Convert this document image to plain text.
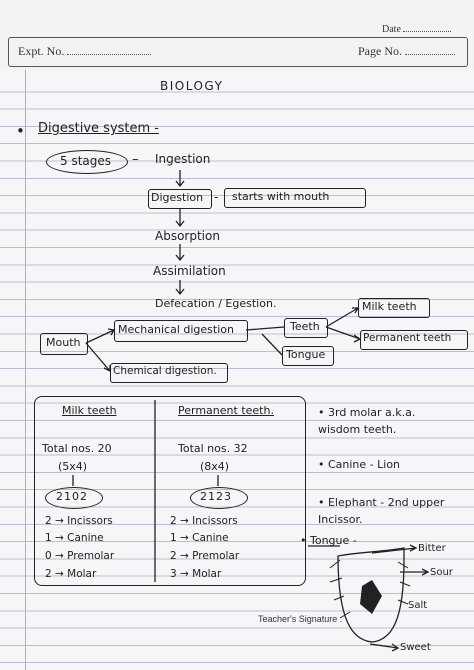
Date
Expt. No.	Page No.
BIOLOGY
• Digestive system -
5 stages – Ingestion
Digestion - starts with mouth
Absorption
Assimilation
Defecation / Egestion.
Mouth
Mechanical digestion
Chemical digestion.
Teeth
Tongue
Milk teeth
Permanent teeth
Milk teeth	Permanent teeth.
Total nos. 20
(5x4)
2102
2 → Incissors
1 → Canine
0 → Premolar
2 → Molar
Total nos. 32
(8x4)
2123
2 → Incissors
1 → Canine
2 → Premolar
3 → Molar
• 3rd molar a.k.a. wisdom teeth.
• Canine - Lion
• Elephant - 2nd upper Incissor.
• Tongue -
Bitter
Sour
Salt
Sweet
Teacher's Signature :
